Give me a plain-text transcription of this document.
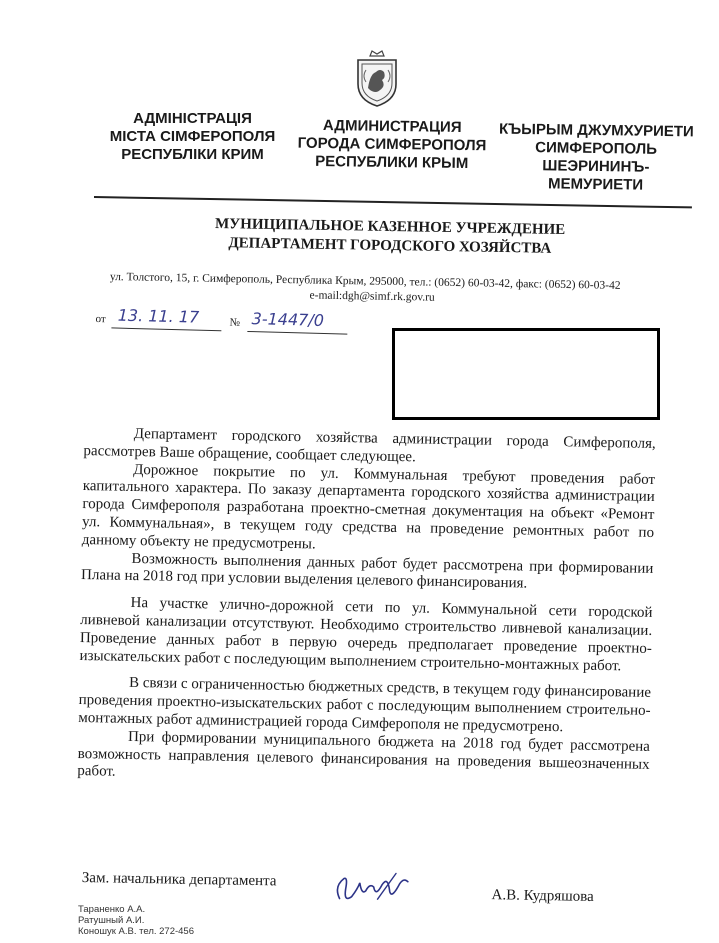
АДМІНІСТРАЦІЯ
МІСТА СІМФЕРОПОЛЯ
РЕСПУБЛІКИ КРИМ
АДМИНИСТРАЦИЯ
ГОРОДА СИМФЕРОПОЛЯ
РЕСПУБЛИКИ КРЫМ
КЪЫРЫМ ДЖУМХУРИЕТИ
СИМФЕРОПОЛЬ
ШЕЭРИНИНЪ-
МЕМУРИЕТИ
МУНИЦИПАЛЬНОЕ КАЗЕННОЕ УЧРЕЖДЕНИЕ
ДЕПАРТАМЕНТ ГОРОДСКОГО ХОЗЯЙСТВА
ул. Толстого, 15, г. Симферополь, Республика Крым, 295000, тел.: (0652) 60-03-42, факс: (0652) 60-03-42
e-mail:dgh@simf.rk.gov.ru
от 13. 11. 17	№ 3-1447/0

Департамент городского хозяйства администрации города Симферополя, рассмотрев Ваше обращение, сообщает следующее.

Дорожное покрытие по ул. Коммунальная требуют проведения работ капитального характера. По заказу департамента городского хозяйства администрации города Симферополя разработана проектно-сметная документация на объект «Ремонт ул. Коммунальная», в текущем году средства на проведение ремонтных работ по данному объекту не предусмотрены.

Возможность выполнения данных работ будет рассмотрена при формировании Плана на 2018 год при условии выделения целевого финансирования.

На участке улично-дорожной сети по ул. Коммунальной сети городской ливневой канализации отсутствуют. Необходимо строительство ливневой канализации. Проведение данных работ в первую очередь предполагает проведение проектно-изыскательских работ с последующим выполнением строительно-монтажных работ.

В связи с ограниченностью бюджетных средств, в текущем году финансирование проведения проектно-изыскательских работ с последующим выполнением строительно-монтажных работ администрацией города Симферополя не предусмотрено.

При формировании муниципального бюджета на 2018 год будет рассмотрена возможность направления целевого финансирования на проведения вышеозначенных работ.

Зам. начальника департамента
А.В. Кудряшова
Тараненко А.А.
Ратушный А.И.
Коношук А.В. тел. 272-456
